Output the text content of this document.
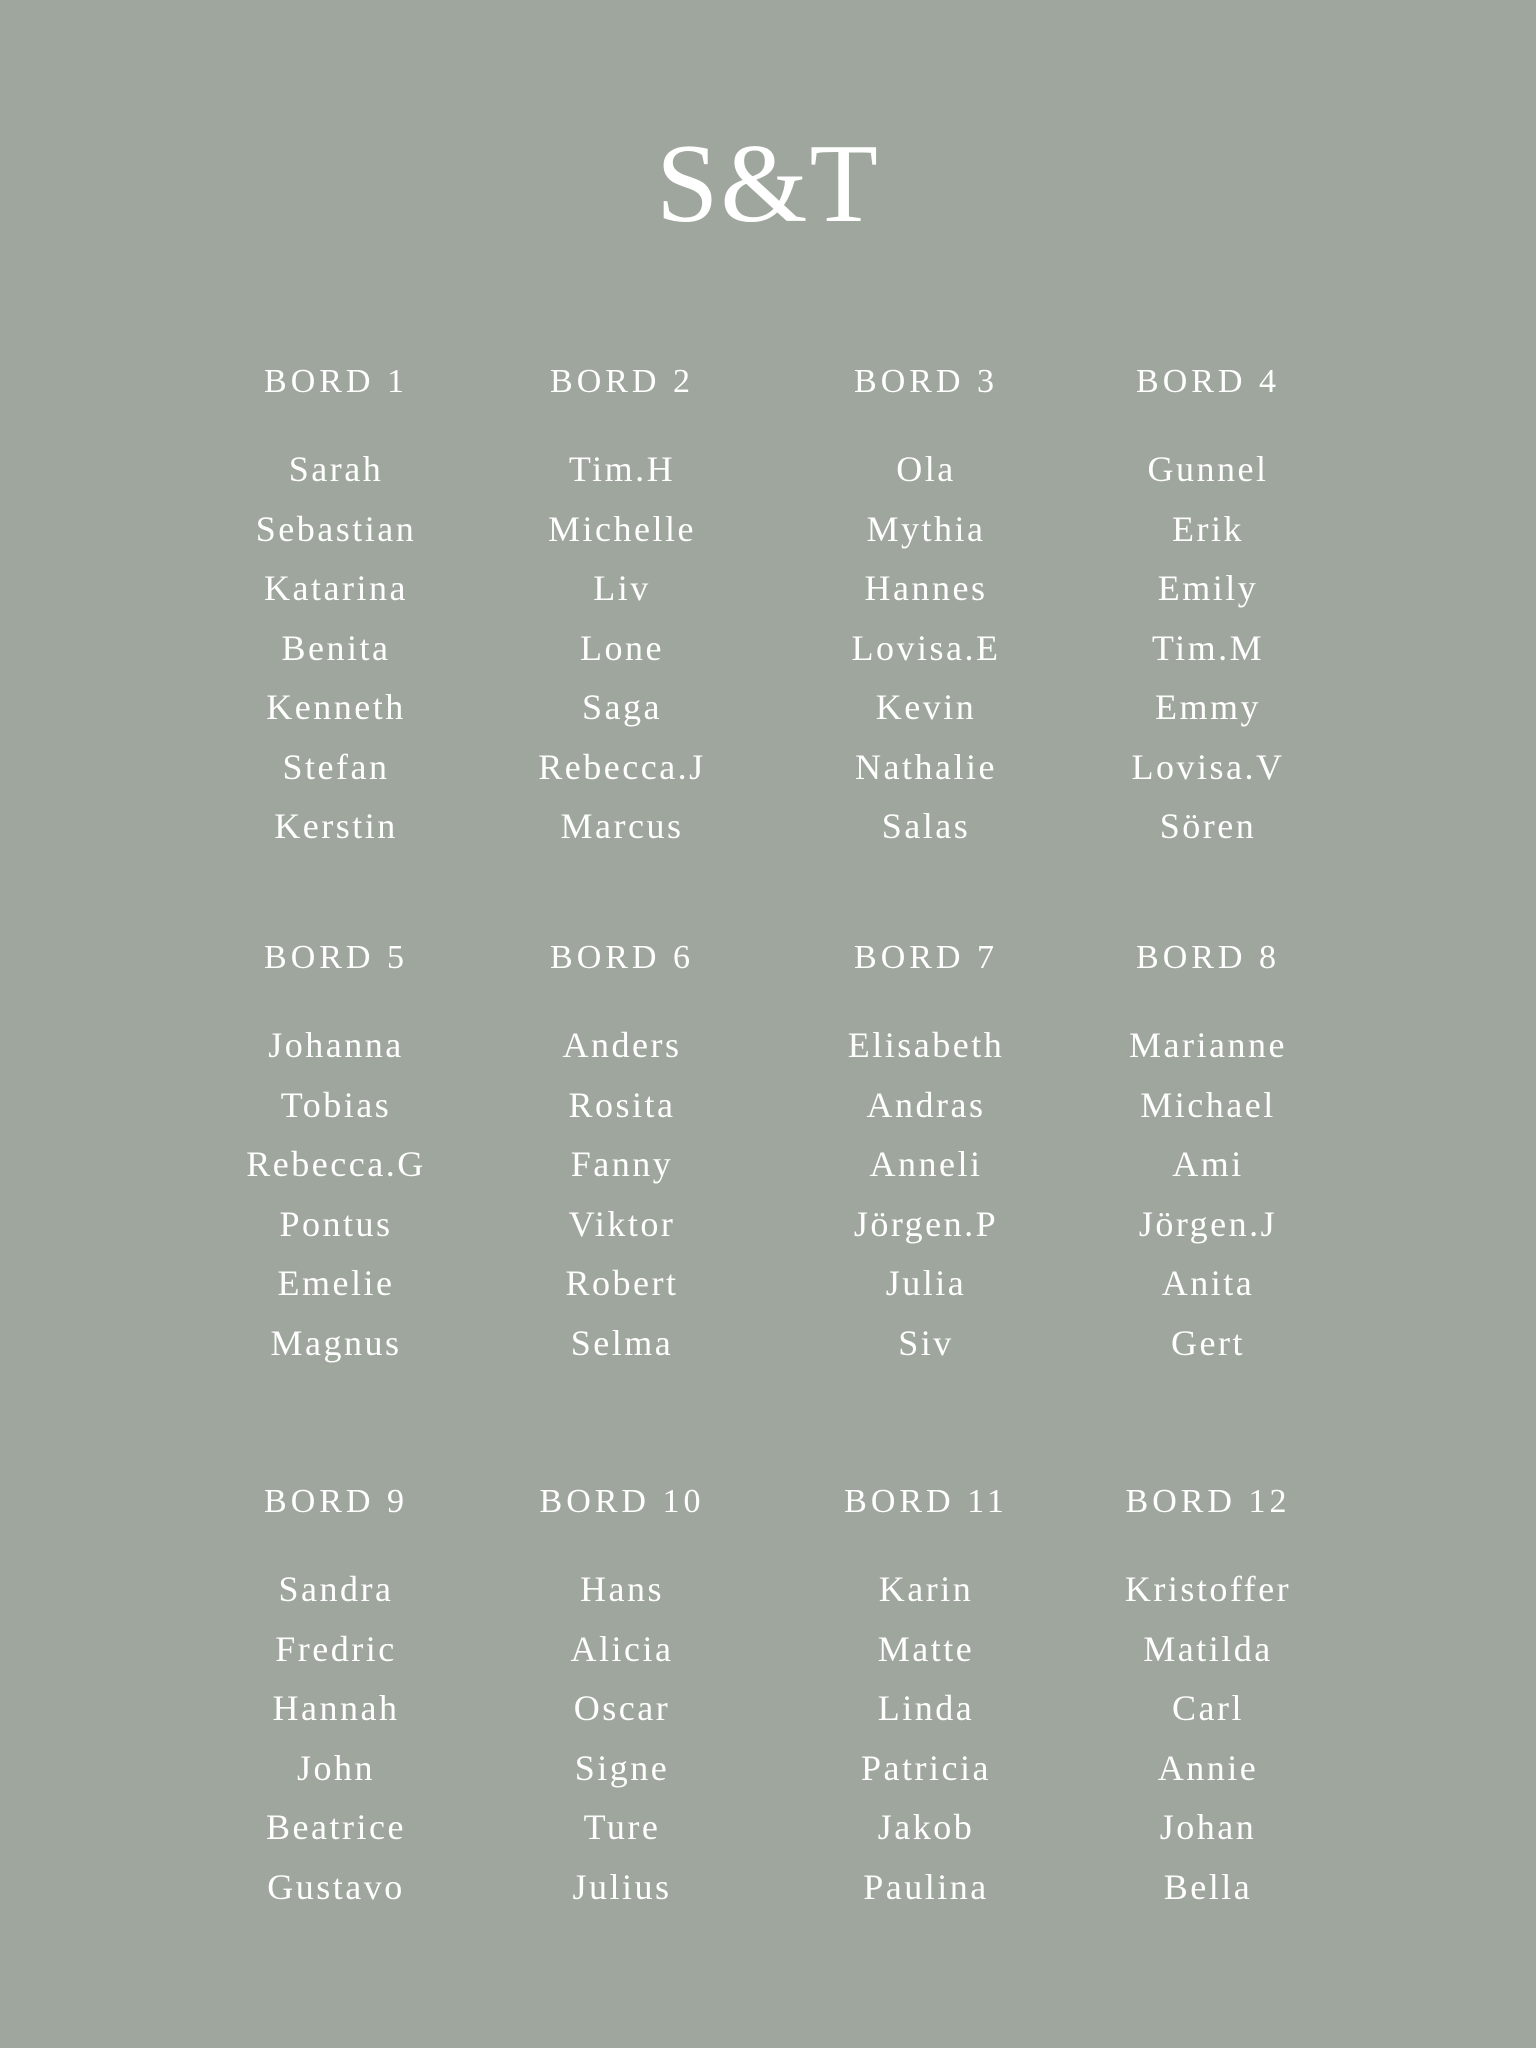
S&T
BORD 1
Sarah
Sebastian
Katarina
Benita
Kenneth
Stefan
Kerstin
BORD 2
Tim.H
Michelle
Liv
Lone
Saga
Rebecca.J
Marcus
BORD 3
Ola
Mythia
Hannes
Lovisa.E
Kevin
Nathalie
Salas
BORD 4
Gunnel
Erik
Emily
Tim.M
Emmy
Lovisa.V
Sören
BORD 5
Johanna
Tobias
Rebecca.G
Pontus
Emelie
Magnus
BORD 6
Anders
Rosita
Fanny
Viktor
Robert
Selma
BORD 7
Elisabeth
Andras
Anneli
Jörgen.P
Julia
Siv
BORD 8
Marianne
Michael
Ami
Jörgen.J
Anita
Gert
BORD 9
Sandra
Fredric
Hannah
John
Beatrice
Gustavo
BORD 10
Hans
Alicia
Oscar
Signe
Ture
Julius
BORD 11
Karin
Matte
Linda
Patricia
Jakob
Paulina
BORD 12
Kristoffer
Matilda
Carl
Annie
Johan
Bella
